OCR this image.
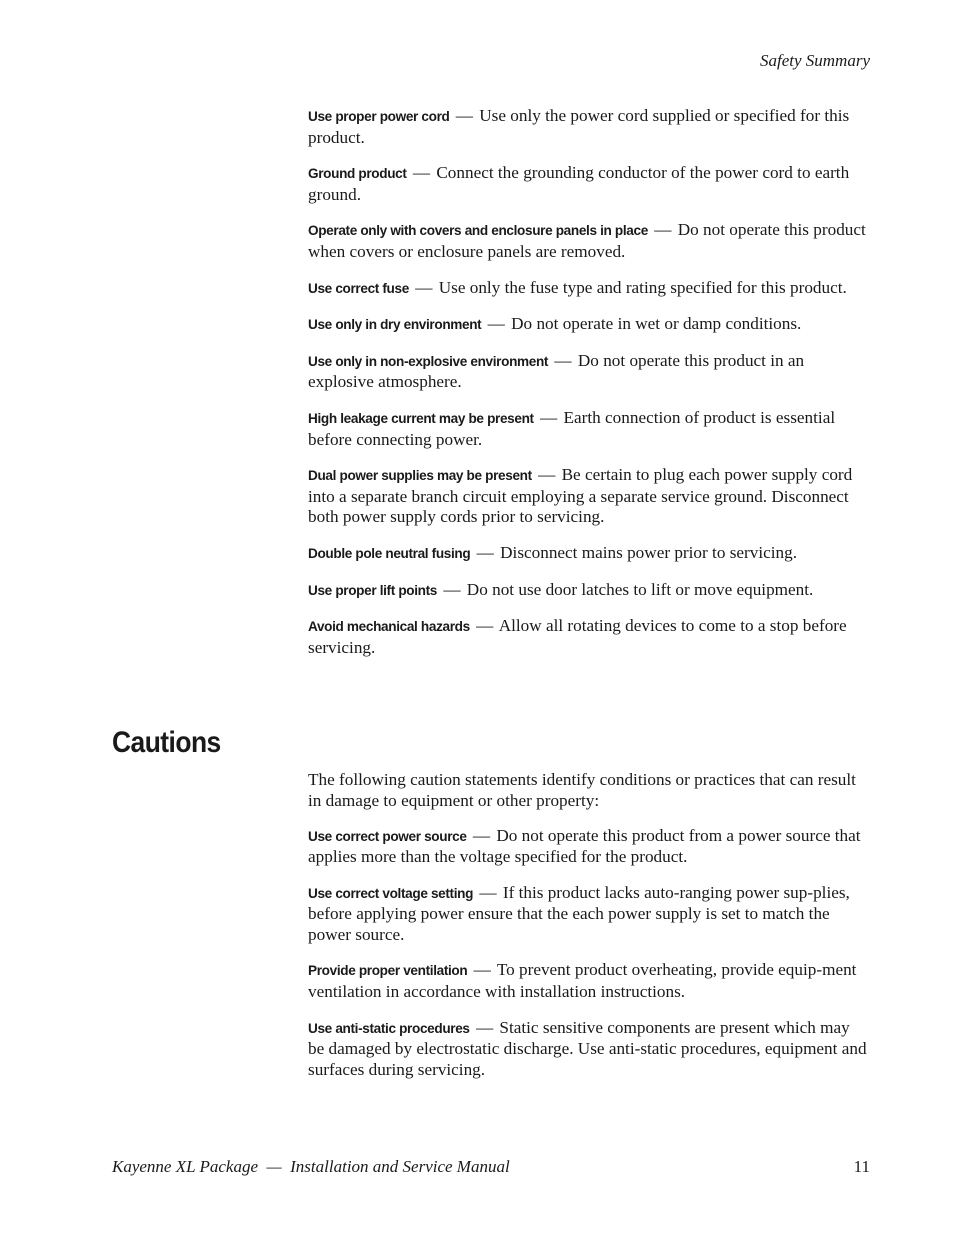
Safety Summary

Use proper power cord — Use only the power cord supplied or specified for this product.

Ground product — Connect the grounding conductor of the power cord to earth ground.

Operate only with covers and enclosure panels in place — Do not operate this product when covers or enclosure panels are removed.

Use correct fuse — Use only the fuse type and rating specified for this product.

Use only in dry environment — Do not operate in wet or damp conditions.

Use only in non-explosive environment — Do not operate this product in an explosive atmosphere.

High leakage current may be present — Earth connection of product is essential before connecting power.

Dual power supplies may be present — Be certain to plug each power supply cord into a separate branch circuit employing a separate service ground. Disconnect both power supply cords prior to servicing.

Double pole neutral fusing — Disconnect mains power prior to servicing.

Use proper lift points — Do not use door latches to lift or move equipment.

Avoid mechanical hazards — Allow all rotating devices to come to a stop before servicing.

Cautions

The following caution statements identify conditions or practices that can result in damage to equipment or other property:

Use correct power source — Do not operate this product from a power source that applies more than the voltage specified for the product.

Use correct voltage setting — If this product lacks auto-ranging power sup-plies, before applying power ensure that the each power supply is set to match the power source.

Provide proper ventilation — To prevent product overheating, provide equip-ment ventilation in accordance with installation instructions.

Use anti-static procedures — Static sensitive components are present which may be damaged by electrostatic discharge. Use anti-static procedures, equipment and surfaces during servicing.

Kayenne XL Package  —  Installation and Service Manual	11
